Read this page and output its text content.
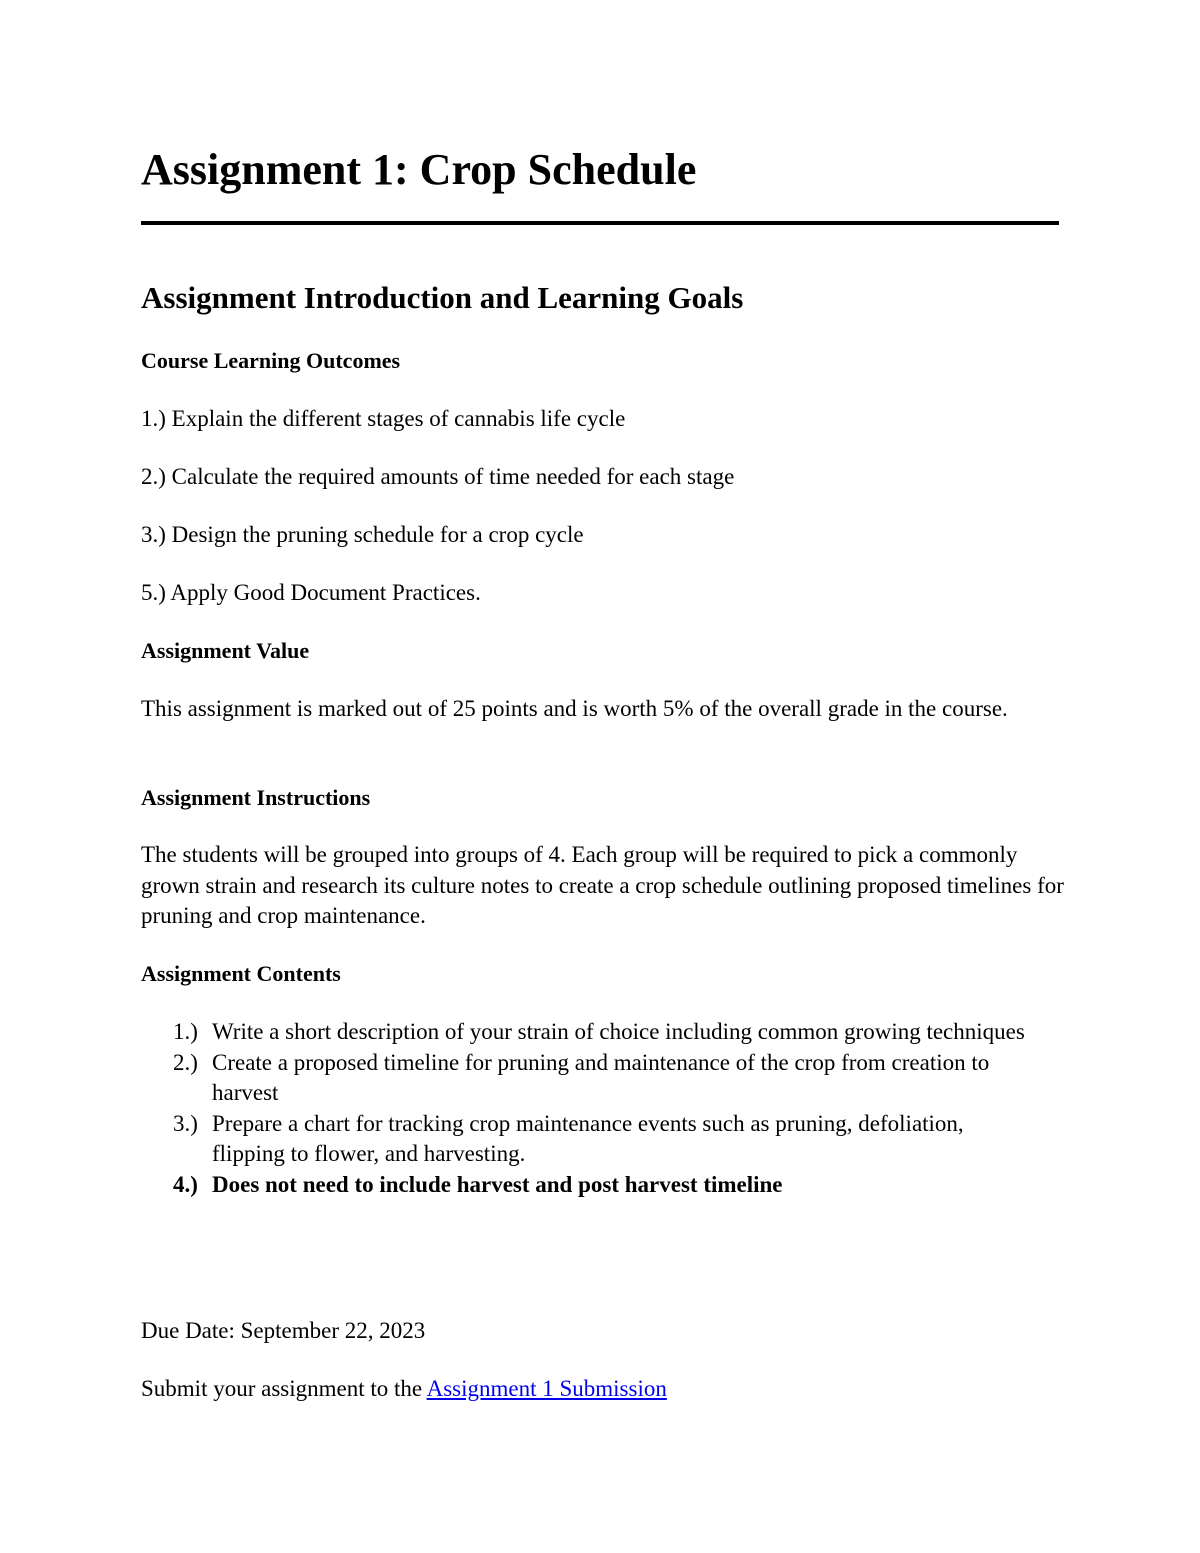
Assignment 1: Crop Schedule
Assignment Introduction and Learning Goals
Course Learning Outcomes
1.) Explain the different stages of cannabis life cycle
2.) Calculate the required amounts of time needed for each stage
3.) Design the pruning schedule for a crop cycle
5.) Apply Good Document Practices.
Assignment Value

This assignment is marked out of 25 points and is worth 5% of the overall grade in the course.

Assignment Instructions

The students will be grouped into groups of 4. Each group will be required to pick a commonly grown strain and research its culture notes to create a crop schedule outlining proposed timelines for pruning and crop maintenance.

Assignment Contents
1.) Write a short description of your strain of choice including common growing techniques
2.) Create a proposed timeline for pruning and maintenance of the crop from creation to harvest
3.) Prepare a chart for tracking crop maintenance events such as pruning, defoliation, flipping to flower, and harvesting.
4.) Does not need to include harvest and post harvest timeline
Due Date: September 22, 2023
Submit your assignment to the Assignment 1 Submission
